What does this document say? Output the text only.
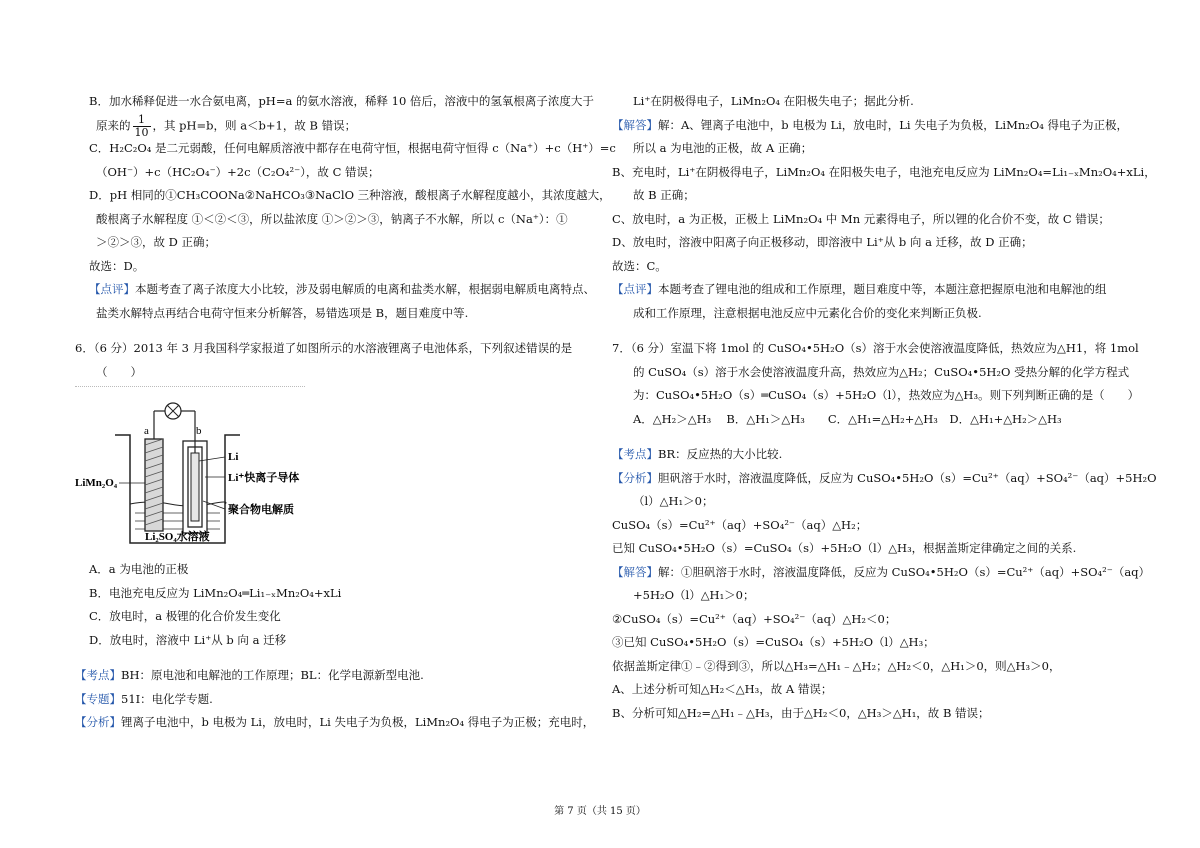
B．加水稀释促进一水合氨电离，pH=a 的氨水溶液，稀释 10 倍后，溶液中的氢氧根离子浓度大于
原来的 $\frac{1}{10}$ ，其 pH=b，则 a＜b+1，故 B 错误；
C．H₂C₂O₄ 是二元弱酸，任何电解质溶液中都存在电荷守恒，根据电荷守恒得 c（Na⁺）+c（H⁺）=c
（OH⁻）+c（HC₂O₄⁻）+2c（C₂O₄²⁻），故 C 错误；
D．pH 相同的①CH₃COONa②NaHCO₃③NaClO 三种溶液，酸根离子水解程度越小，其浓度越大，
酸根离子水解程度 ①＜②＜③，所以盐浓度 ①＞②＞③，钠离子不水解，所以 c（Na⁺）：①
＞②＞③，故 D 正确；
故选：D。
【点评】本题考查了离子浓度大小比较，涉及弱电解质的电离和盐类水解，根据弱电解质电离特点、
盐类水解特点再结合电荷守恒来分析解答，易错选项是 B，题目难度中等.
6．（6 分）2013 年 3 月我国科学家报道了如图所示的水溶液锂离子电池体系，下列叙述错误的是
（　　）
a	b
LiMn₂O₄
Li
Li⁺快离子导体
聚合物电解质
Li₂SO₄水溶液
A．a 为电池的正极
B．电池充电反应为 LiMn₂O₄═Li₁₋ₓMn₂O₄+xLi
C．放电时，a 极锂的化合价发生变化
D．放电时，溶液中 Li⁺从 b 向 a 迁移
【考点】BH：原电池和电解池的工作原理；BL：化学电源新型电池.
【专题】51I：电化学专题.
【分析】锂离子电池中，b 电极为 Li，放电时，Li 失电子为负极，LiMn₂O₄ 得电子为正极；充电时，
Li⁺在阴极得电子，LiMn₂O₄ 在阳极失电子；据此分析.
【解答】解：A、锂离子电池中，b 电极为 Li，放电时，Li 失电子为负极，LiMn₂O₄ 得电子为正极，
所以 a 为电池的正极，故 A 正确；
B、充电时，Li⁺在阴极得电子，LiMn₂O₄ 在阳极失电子，电池充电反应为 LiMn₂O₄=Li₁₋ₓMn₂O₄+xLi，
故 B 正确；
C、放电时，a 为正极，正极上 LiMn₂O₄ 中 Mn 元素得电子，所以锂的化合价不变，故 C 错误；
D、放电时，溶液中阳离子向正极移动，即溶液中 Li⁺从 b 向 a 迁移，故 D 正确；
故选：C。
【点评】本题考查了锂电池的组成和工作原理，题目难度中等，本题注意把握原电池和电解池的组
成和工作原理，注意根据电池反应中元素化合价的变化来判断正负极.
7．（6 分）室温下将 1mol 的 CuSO₄•5H₂O（s）溶于水会使溶液温度降低，热效应为△H1，将 1mol
的 CuSO₄（s）溶于水会使溶液温度升高，热效应为△H₂；CuSO₄•5H₂O 受热分解的化学方程式
为：CuSO₄•5H₂O（s）═CuSO₄（s）+5H₂O（l），热效应为△H₃。则下列判断正确的是（　　）
A．△H₂＞△H₃　 B．△H₁＞△H₃　　C．△H₁=△H₂+△H₃　D．△H₁+△H₂＞△H₃
【考点】BR：反应热的大小比较.
【分析】胆矾溶于水时，溶液温度降低，反应为 CuSO₄•5H₂O（s）=Cu²⁺（aq）+SO₄²⁻（aq）+5H₂O
（l）△H₁＞0；
CuSO₄（s）=Cu²⁺（aq）+SO₄²⁻（aq）△H₂；
已知 CuSO₄•5H₂O（s）=CuSO₄（s）+5H₂O（l）△H₃，根据盖斯定律确定之间的关系.
【解答】解：①胆矾溶于水时，溶液温度降低，反应为 CuSO₄•5H₂O（s）=Cu²⁺（aq）+SO₄²⁻（aq）
+5H₂O（l）△H₁＞0；
②CuSO₄（s）=Cu²⁺（aq）+SO₄²⁻（aq）△H₂＜0；
③已知 CuSO₄•5H₂O（s）=CuSO₄（s）+5H₂O（l）△H₃；
依据盖斯定律①﹣②得到③，所以△H₃=△H₁﹣△H₂；△H₂＜0，△H₁＞0，则△H₃＞0，
A、上述分析可知△H₂＜△H₃，故 A 错误；
B、分析可知△H₂=△H₁﹣△H₃，由于△H₂＜0，△H₃＞△H₁，故 B 错误；
第 7 页（共 15 页）
